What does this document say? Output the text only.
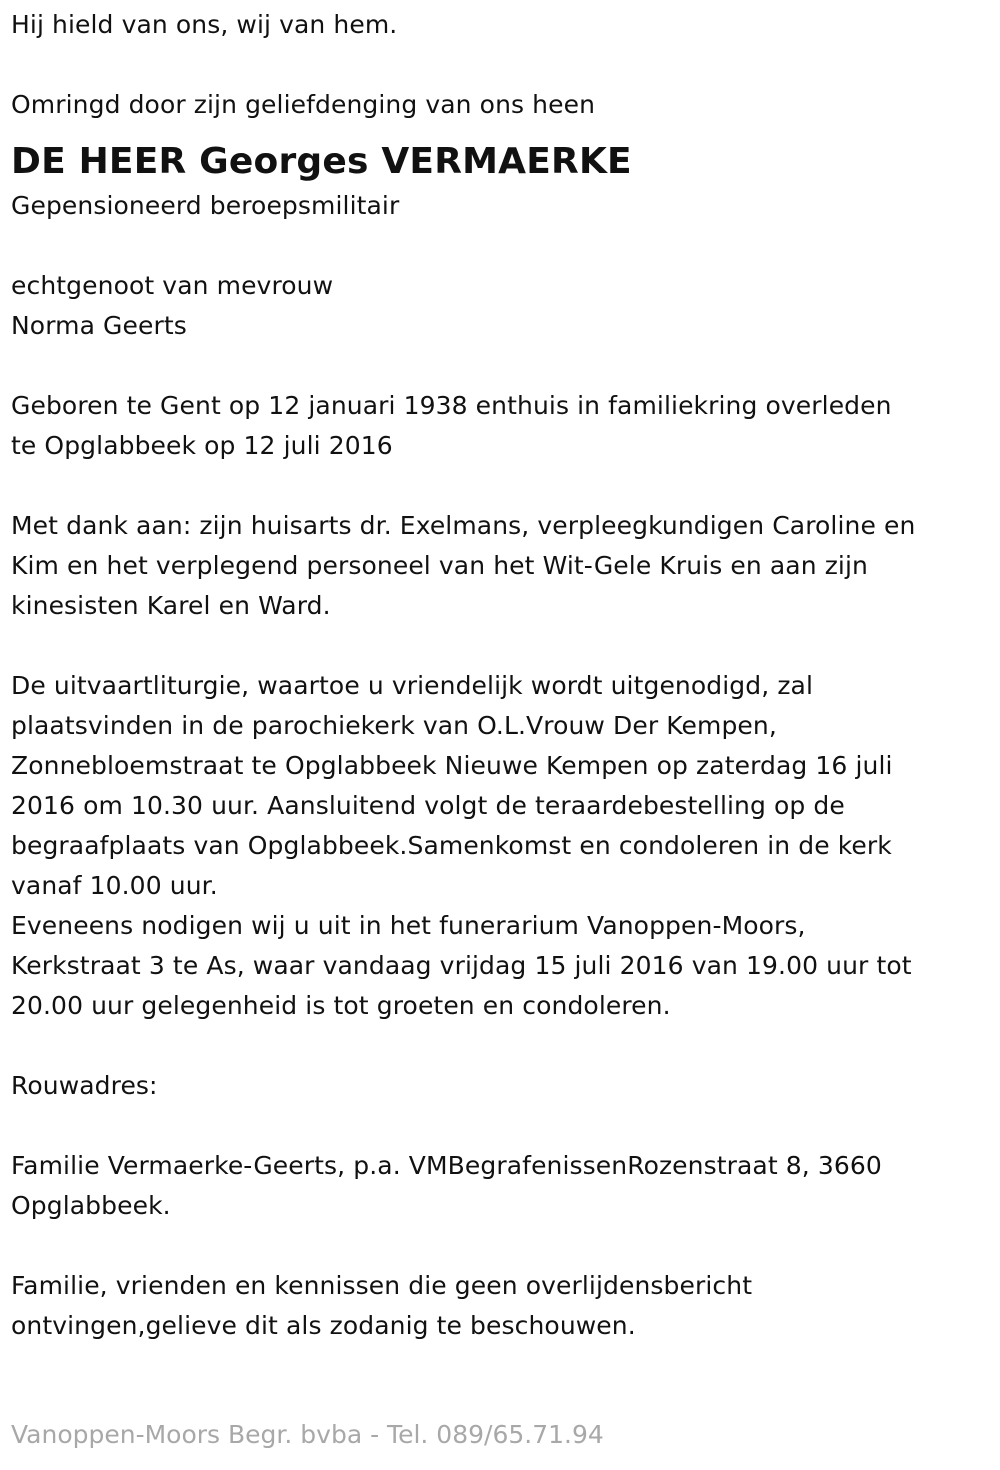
Hij hield van ons, wij van hem.
Omringd door zijn geliefdenging van ons heen
DE HEER Georges VERMAERKE
Gepensioneerd beroepsmilitair
echtgenoot van mevrouw
Norma Geerts
Geboren te Gent op 12 januari 1938 enthuis in familiekring overleden
te Opglabbeek op 12 juli 2016
Met dank aan: zijn huisarts dr. Exelmans, verpleegkundigen Caroline en
Kim en het verplegend personeel van het Wit-Gele Kruis en aan zijn
kinesisten Karel en Ward.
De uitvaartliturgie, waartoe u vriendelijk wordt uitgenodigd, zal
plaatsvinden in de parochiekerk van O.L.Vrouw Der Kempen,
Zonnebloemstraat te Opglabbeek Nieuwe Kempen op zaterdag 16 juli
2016 om 10.30 uur. Aansluitend volgt de teraardebestelling op de
begraafplaats van Opglabbeek.Samenkomst en condoleren in de kerk
vanaf 10.00 uur.
Eveneens nodigen wij u uit in het funerarium Vanoppen-Moors,
Kerkstraat 3 te As, waar vandaag vrijdag 15 juli 2016 van 19.00 uur tot
20.00 uur gelegenheid is tot groeten en condoleren.
Rouwadres:
Familie Vermaerke-Geerts, p.a. VMBegrafenissenRozenstraat 8, 3660
Opglabbeek.
Familie, vrienden en kennissen die geen overlijdensbericht
ontvingen,gelieve dit als zodanig te beschouwen.
Vanoppen-Moors Begr. bvba - Tel. 089/65.71.94
